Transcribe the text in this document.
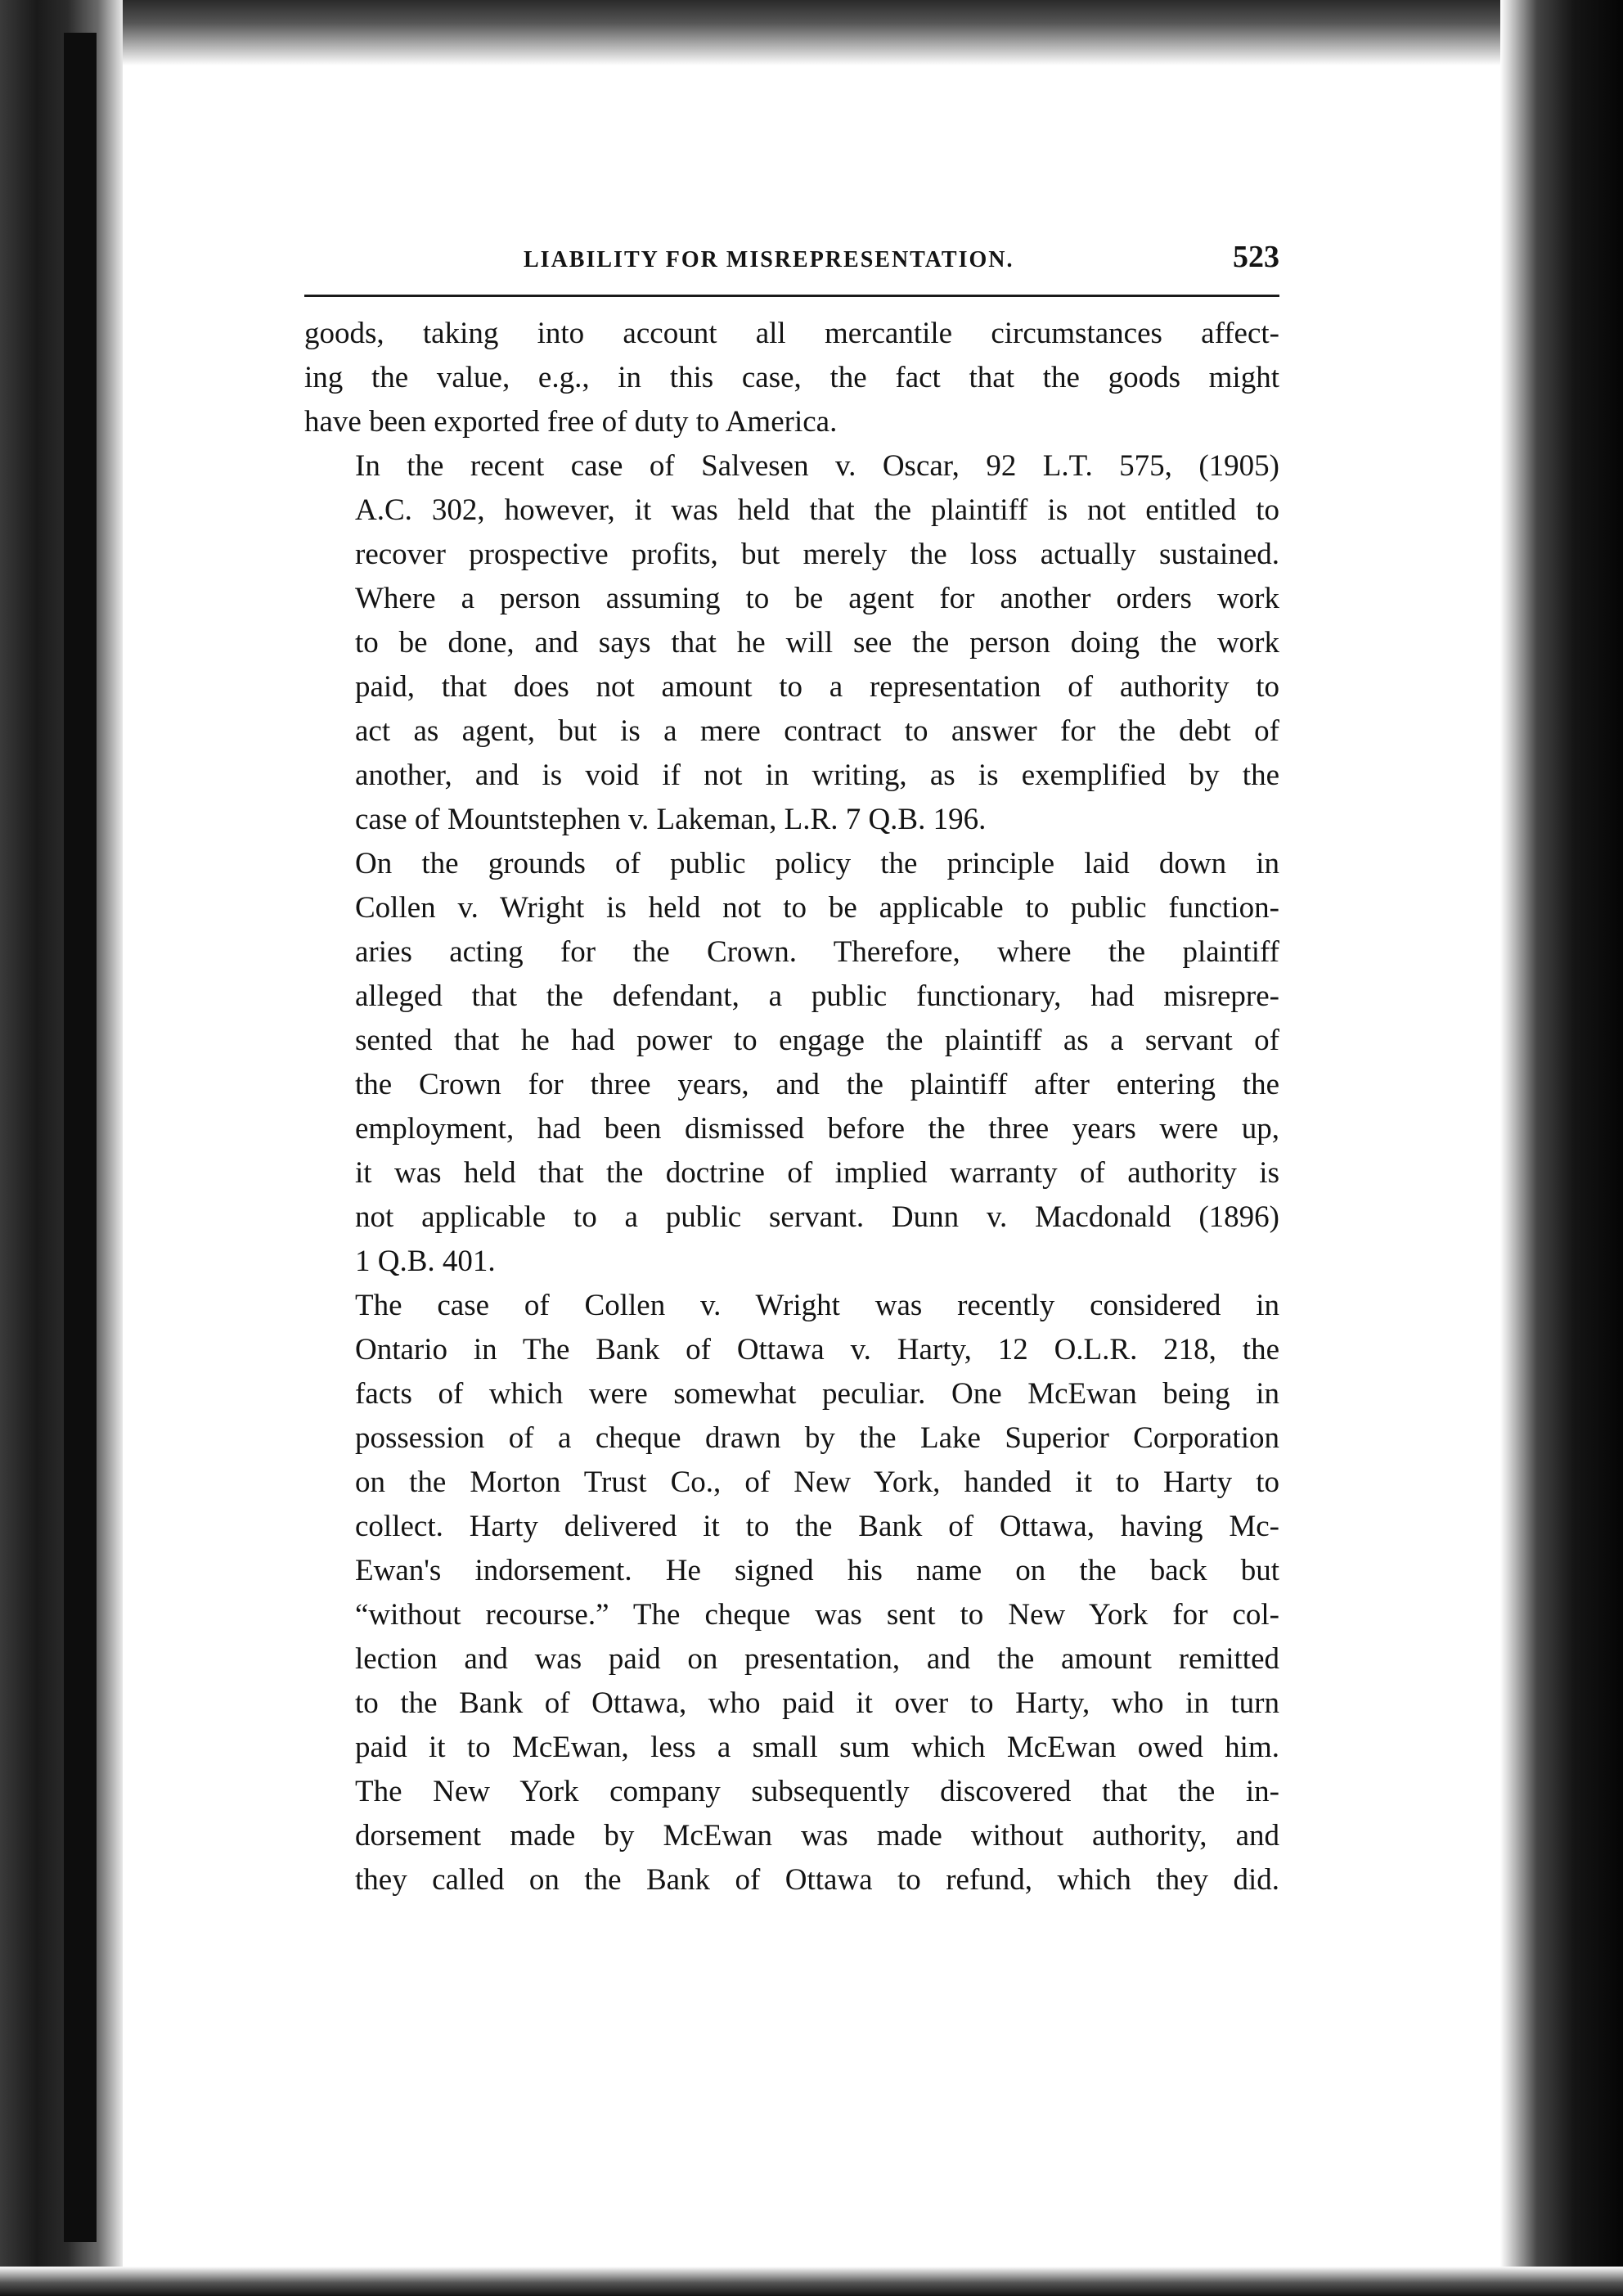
LIABILITY FOR MISREPRESENTATION.	523

goods, taking into account all mercantile circumstances affect-
ing the value, e.g., in this case, the fact that the goods might
have been exported free of duty to America.

In the recent case of Salvesen v. Oscar, 92 L.T. 575, (1905)
A.C. 302, however, it was held that the plaintiff is not entitled to
recover prospective profits, but merely the loss actually sustained.
Where a person assuming to be agent for another orders work
to be done, and says that he will see the person doing the work
paid, that does not amount to a representation of authority to
act as agent, but is a mere contract to answer for the debt of
another, and is void if not in writing, as is exemplified by the
case of Mountstephen v. Lakeman, L.R. 7 Q.B. 196.

On the grounds of public policy the principle laid down in
Collen v. Wright is held not to be applicable to public function-
aries acting for the Crown. Therefore, where the plaintiff
alleged that the defendant, a public functionary, had misrepre-
sented that he had power to engage the plaintiff as a servant of
the Crown for three years, and the plaintiff after entering the
employment, had been dismissed before the three years were up,
it was held that the doctrine of implied warranty of authority is
not applicable to a public servant. Dunn v. Macdonald (1896)
1 Q.B. 401.

The case of Collen v. Wright was recently considered in
Ontario in The Bank of Ottawa v. Harty, 12 O.L.R. 218, the
facts of which were somewhat peculiar. One McEwan being in
possession of a cheque drawn by the Lake Superior Corporation
on the Morton Trust Co., of New York, handed it to Harty to
collect. Harty delivered it to the Bank of Ottawa, having Mc-
Ewan's indorsement. He signed his name on the back but
“without recourse.” The cheque was sent to New York for col-
lection and was paid on presentation, and the amount remitted
to the Bank of Ottawa, who paid it over to Harty, who in turn
paid it to McEwan, less a small sum which McEwan owed him.
The New York company subsequently discovered that the in-
dorsement made by McEwan was made without authority, and
they called on the Bank of Ottawa to refund, which they did.
